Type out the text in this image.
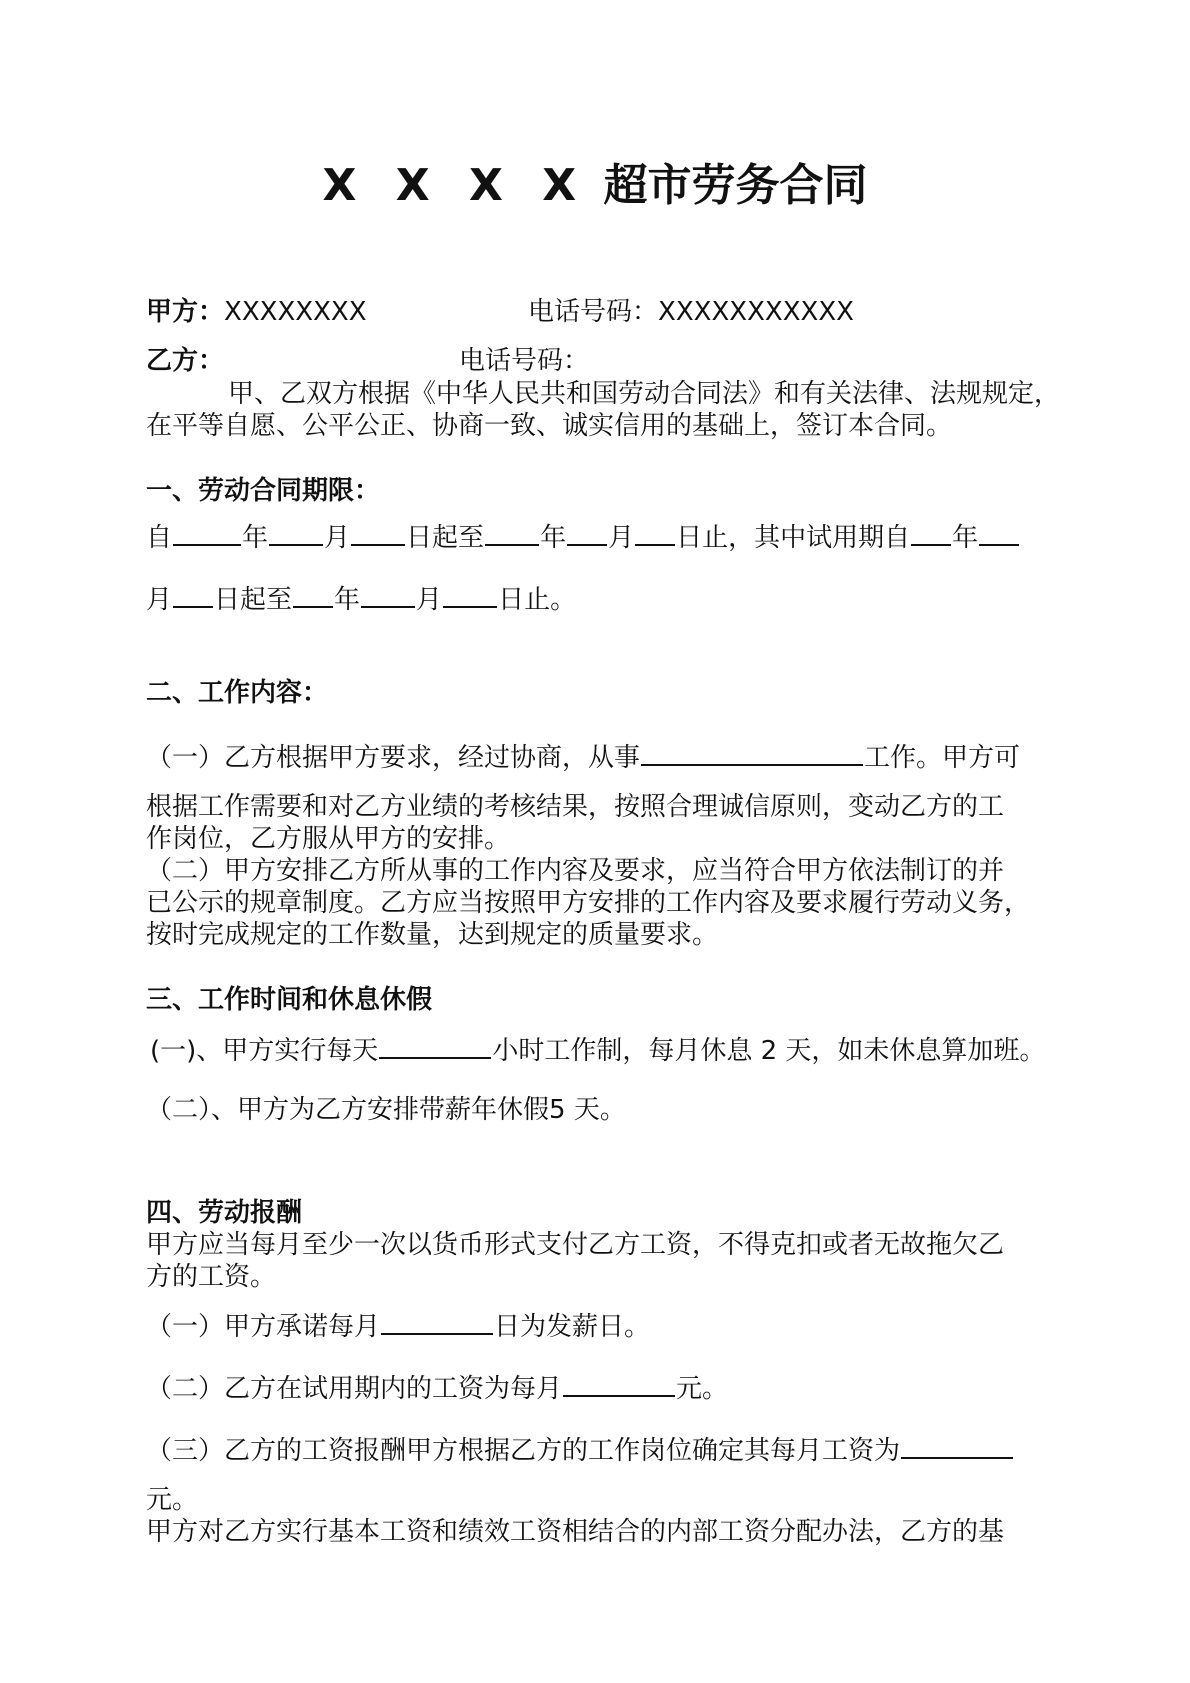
X X X X 超市劳务合同
甲方：XXXXXXXX	电话号码：XXXXXXXXXXX
乙方：	电话号码：
甲、乙双方根据《中华人民共和国劳动合同法》和有关法律、法规规定，
在平等自愿、公平公正、协商一致、诚实信用的基础上，签订本合同。
一、劳动合同期限：
自	年 月 日起至 年 月 日止，其中试用期自 年
月 日起至 年 月 日止。
二、工作内容：
（一）乙方根据甲方要求，经过协商，从事	工作。甲方可
根据工作需要和对乙方业绩的考核结果，按照合理诚信原则，变动乙方的工
作岗位，乙方服从甲方的安排。
（二）甲方安排乙方所从事的工作内容及要求，应当符合甲方依法制订的并
已公示的规章制度。乙方应当按照甲方安排的工作内容及要求履行劳动义务，
按时完成规定的工作数量，达到规定的质量要求。
三、工作时间和休息休假
(一)、甲方实行每天	小时工作制，每月休息 2 天，如未休息算加班。
（二）、甲方为乙方安排带薪年休假5 天。
四、劳动报酬
甲方应当每月至少一次以货币形式支付乙方工资，不得克扣或者无故拖欠乙
方的工资。
（一）甲方承诺每月	日为发薪日。
（二）乙方在试用期内的工资为每月	元。
（三）乙方的工资报酬甲方根据乙方的工作岗位确定其每月工资为
元。
甲方对乙方实行基本工资和绩效工资相结合的内部工资分配办法，乙方的基
